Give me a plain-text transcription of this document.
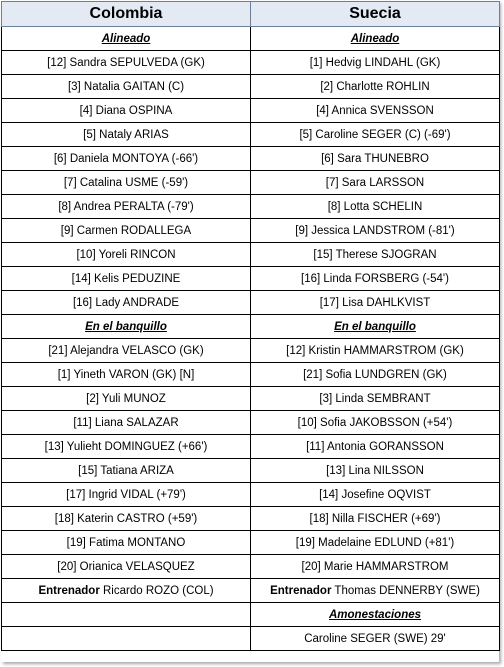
Colombia	Suecia
Alineado	Alineado
[12] Sandra SEPULVEDA (GK)	[1] Hedvig LINDAHL (GK)
[3] Natalia GAITAN (C)	[2] Charlotte ROHLIN
[4] Diana OSPINA	[4] Annica SVENSSON
[5] Nataly ARIAS	[5] Caroline SEGER (C) (-69')
[6] Daniela MONTOYA (-66')	[6] Sara THUNEBRO
[7] Catalina USME (-59')	[7] Sara LARSSON
[8] Andrea PERALTA (-79')	[8] Lotta SCHELIN
[9] Carmen RODALLEGA	[9] Jessica LANDSTROM (-81')
[10] Yoreli RINCON	[15] Therese SJOGRAN
[14] Kelis PEDUZINE	[16] Linda FORSBERG (-54')
[16] Lady ANDRADE	[17] Lisa DAHLKVIST
En el banquillo	En el banquillo
[21] Alejandra VELASCO (GK)	[12] Kristin HAMMARSTROM (GK)
[1] Yineth VARON (GK) [N]	[21] Sofia LUNDGREN (GK)
[2] Yuli MUNOZ	[3] Linda SEMBRANT
[11] Liana SALAZAR	[10] Sofia JAKOBSSON (+54')
[13] Yulieht DOMINGUEZ (+66')	[11] Antonia GORANSSON
[15] Tatiana ARIZA	[13] Lina NILSSON
[17] Ingrid VIDAL (+79')	[14] Josefine OQVIST
[18] Katerin CASTRO (+59')	[18] Nilla FISCHER (+69')
[19] Fatima MONTANO	[19] Madelaine EDLUND (+81')
[20] Orianica VELASQUEZ	[20] Marie HAMMARSTROM
Entrenador Ricardo ROZO (COL)	Entrenador Thomas DENNERBY (SWE)
	Amonestaciones
	Caroline SEGER (SWE) 29'
